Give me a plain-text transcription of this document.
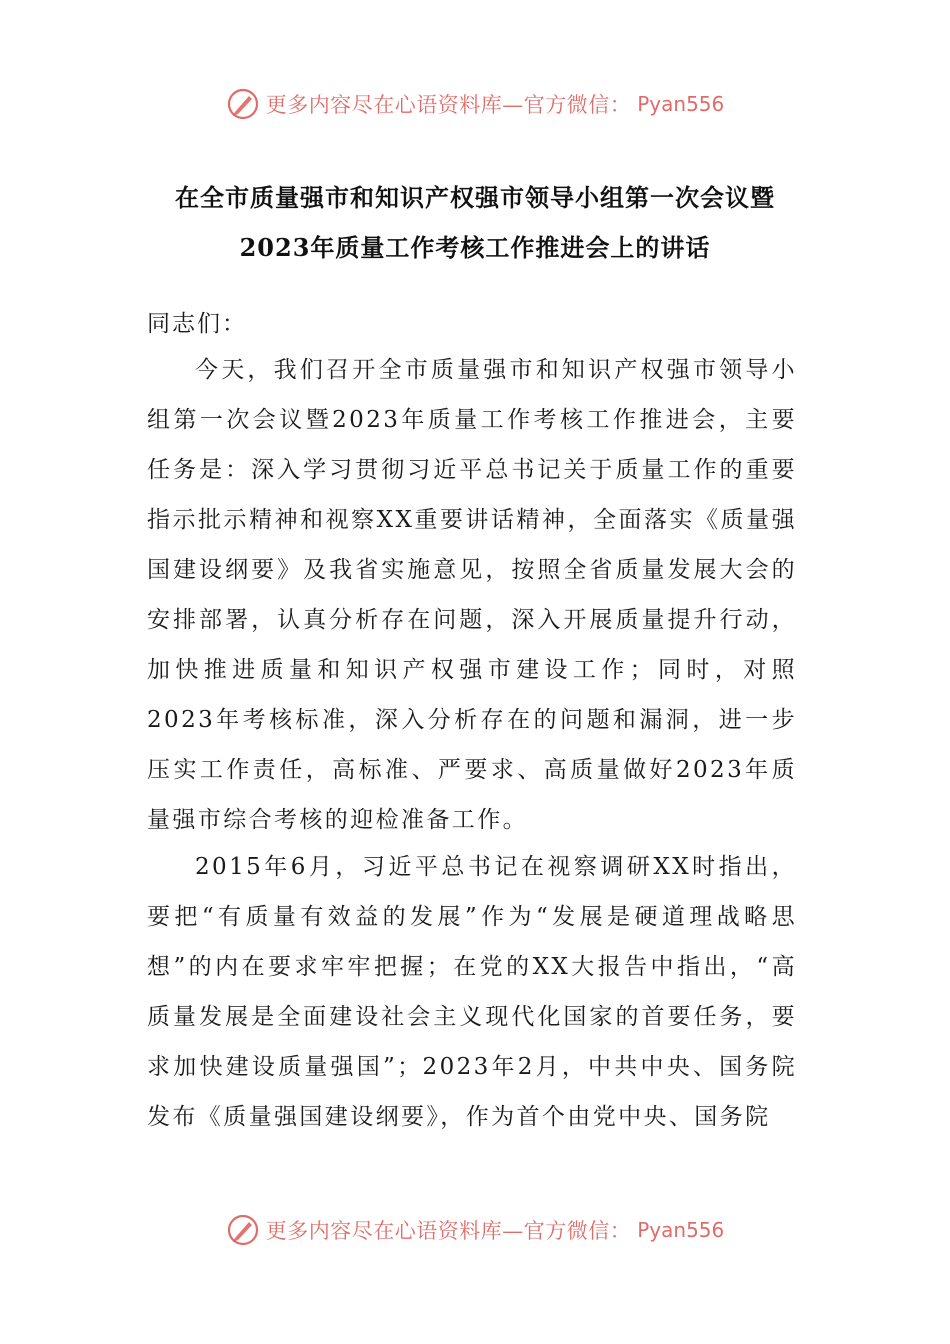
更多内容尽在心语资料库—官方微信： Pyan556
在全市质量强市和知识产权强市领导小组第一次会议暨
2023年质量工作考核工作推进会上的讲话
同志们：

今天，我们召开全市质量强市和知识产权强市领导小组第一次会议暨2023年质量工作考核工作推进会，主要任务是：深入学习贯彻习近平总书记关于质量工作的重要指示批示精神和视察XX重要讲话精神，全面落实《质量强国建设纲要》及我省实施意见，按照全省质量发展大会的安排部署，认真分析存在问题，深入开展质量提升行动，加快推进质量和知识产权强市建设工作；同时，对照2023年考核标准，深入分析存在的问题和漏洞，进一步压实工作责任，高标准、严要求、高质量做好2023年质量强市综合考核的迎检准备工作。

2015年6月，习近平总书记在视察调研XX时指出，要把“有质量有效益的发展”作为“发展是硬道理战略思想”的内在要求牢牢把握；在党的XX大报告中指出，“高质量发展是全面建设社会主义现代化国家的首要任务，要求加快建设质量强国”；2023年2月，中共中央、国务院发布《质量强国建设纲要》，作为首个由党中央、国务院

更多内容尽在心语资料库—官方微信： Pyan556
